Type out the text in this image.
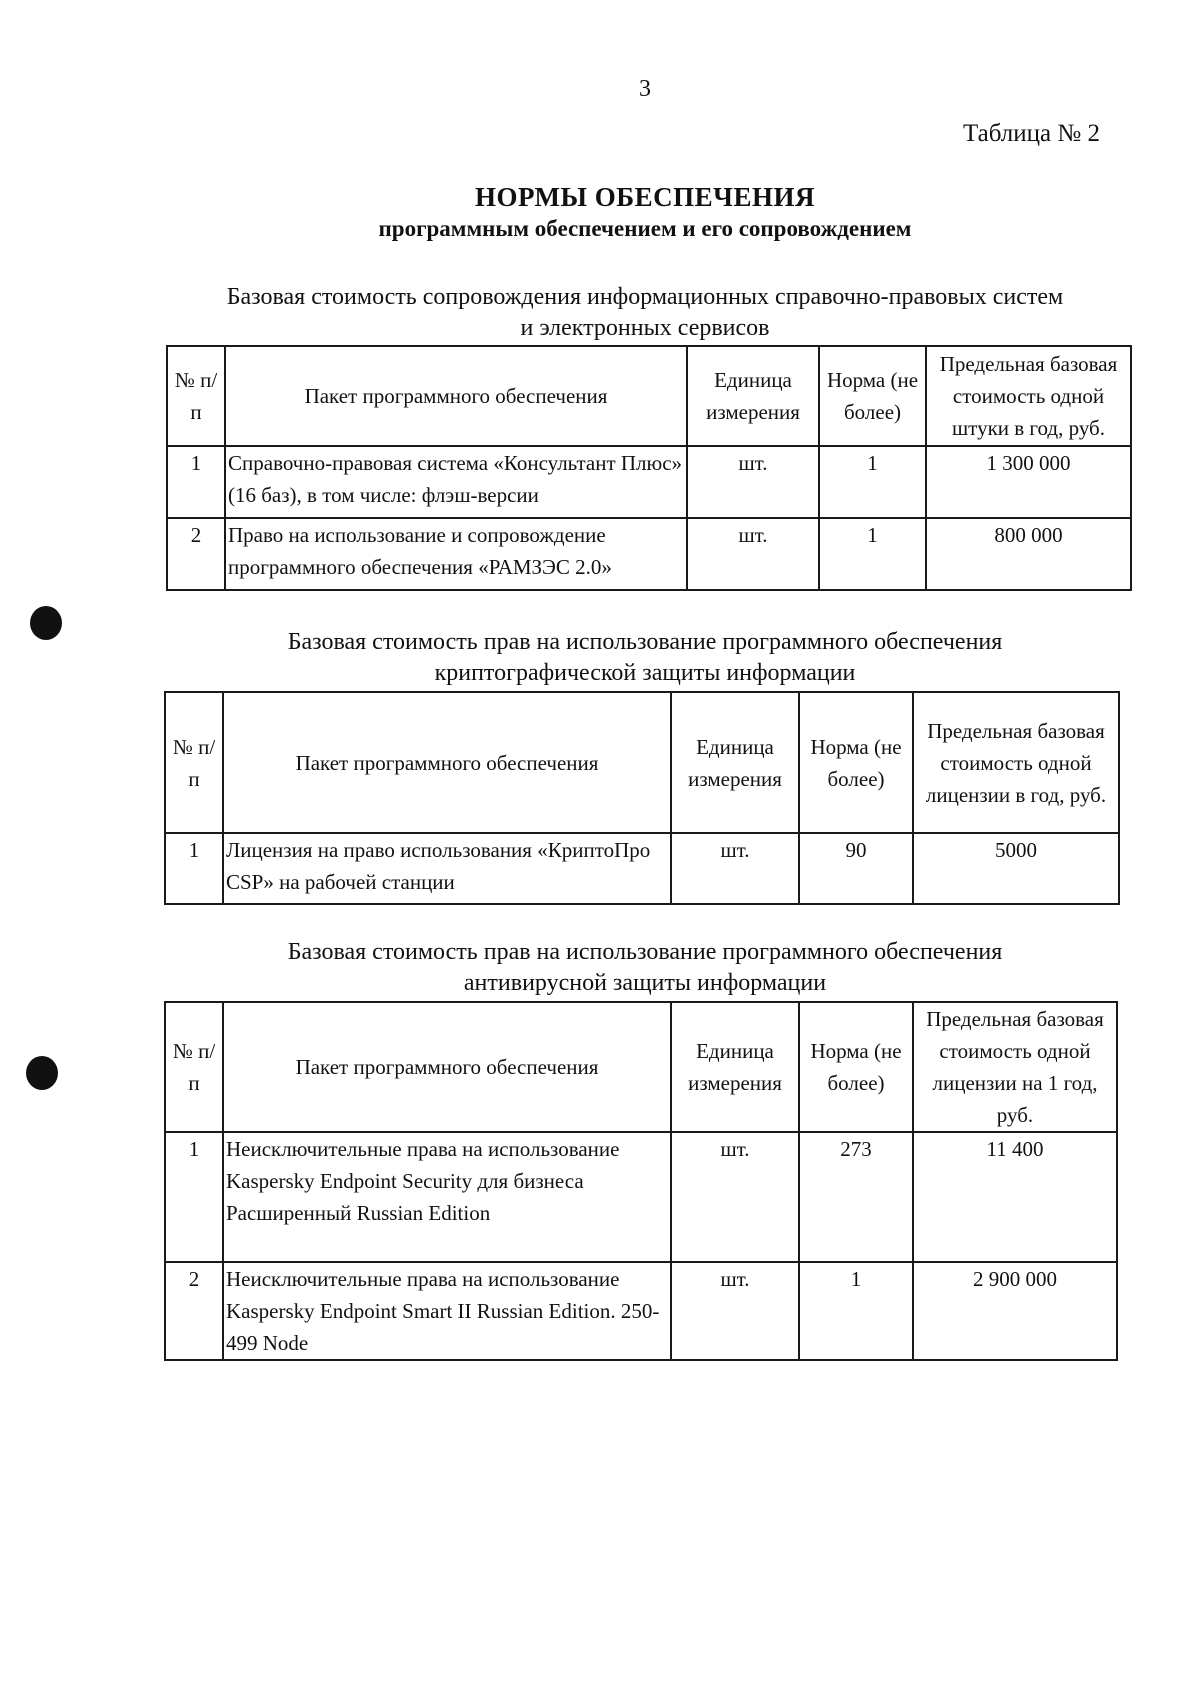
3
Таблица № 2
НОРМЫ ОБЕСПЕЧЕНИЯ
программным обеспечением и его сопровождением
Базовая стоимость сопровождения информационных справочно-правовых систем
и электронных сервисов
№ п/п	Пакет программного обеспечения	Единица измерения	Норма (не более)	Предельная базовая стоимость одной штуки в год, руб.
1	Справочно-правовая система «Консультант Плюс» (16 баз), в том числе: флэш-версии	шт.	1	1 300 000
2	Право на использование и сопровождение программного обеспечения «РАМЗЭС 2.0»	шт.	1	800 000
Базовая стоимость прав на использование программного обеспечения
криптографической защиты информации
№ п/п	Пакет программного обеспечения	Единица измерения	Норма (не более)	Предельная базовая стоимость одной лицензии в год, руб.
1	Лицензия на право использования «КриптоПро CSP» на рабочей станции	шт.	90	5000
Базовая стоимость прав на использование программного обеспечения
антивирусной защиты информации
№ п/п	Пакет программного обеспечения	Единица измерения	Норма (не более)	Предельная базовая стоимость одной лицензии на 1 год, руб.
1	Неисключительные права на использование Kaspersky Endpoint Security для бизнеса Расширенный Russian Edition	шт.	273	11 400
2	Неисключительные права на использование Kaspersky Endpoint Smart II Russian Edition. 250-499 Node	шт.	1	2 900 000
